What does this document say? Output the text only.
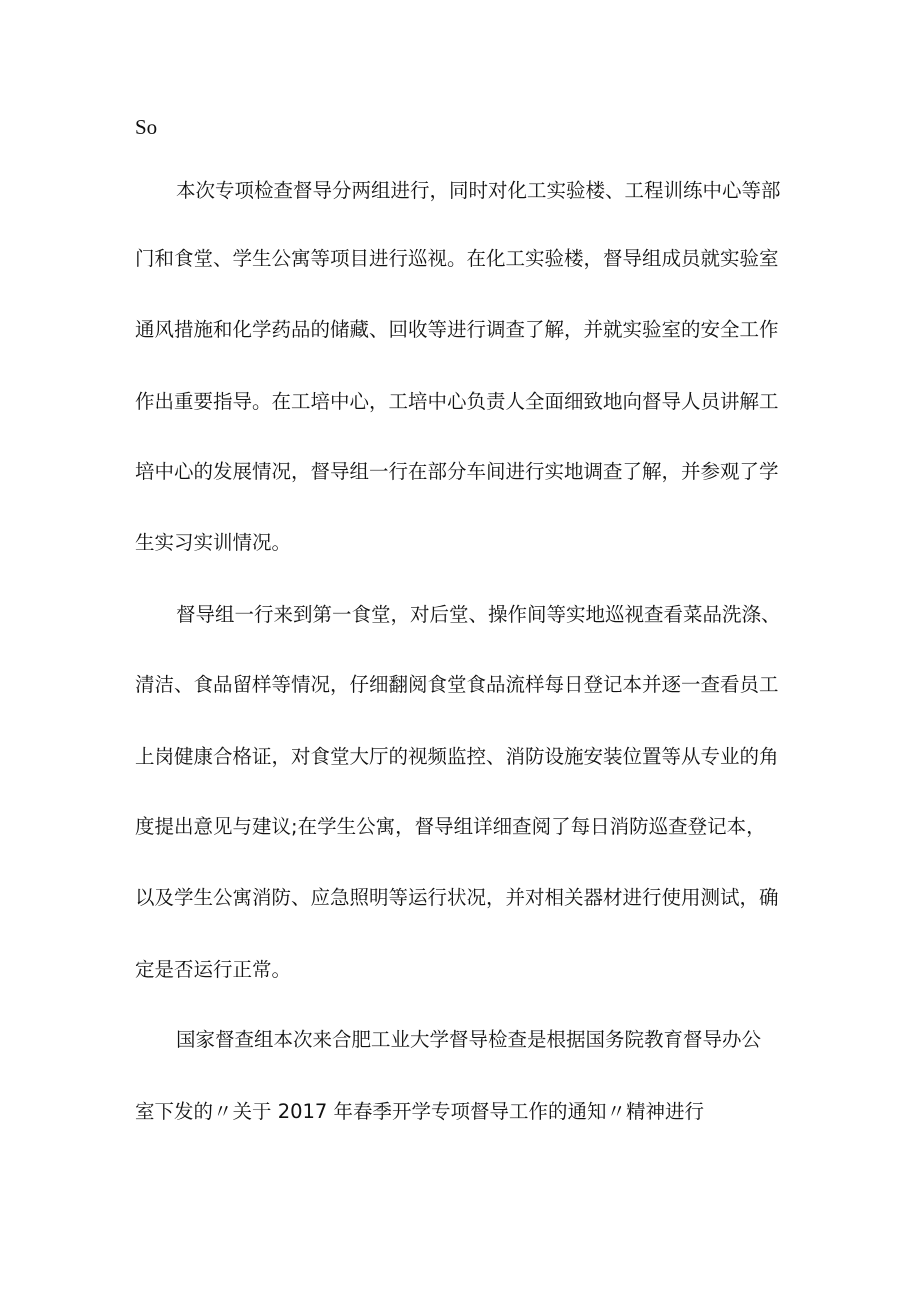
So
本次专项检查督导分两组进行，同时对化工实验楼、工程训练中心等部
门和食堂、学生公寓等项目进行巡视。在化工实验楼，督导组成员就实验室
通风措施和化学药品的储藏、回收等进行调查了解，并就实验室的安全工作
作出重要指导。在工培中心，工培中心负责人全面细致地向督导人员讲解工
培中心的发展情况，督导组一行在部分车间进行实地调查了解，并参观了学
生实习实训情况。
督导组一行来到第一食堂，对后堂、操作间等实地巡视查看菜品洗涤、
清洁、食品留样等情况，仔细翻阅食堂食品流样每日登记本并逐一查看员工
上岗健康合格证，对食堂大厅的视频监控、消防设施安装位置等从专业的角
度提出意见与建议;在学生公寓，督导组详细查阅了每日消防巡查登记本，
以及学生公寓消防、应急照明等运行状况，并对相关器材进行使用测试，确
定是否运行正常。
国家督查组本次来合肥工业大学督导检查是根据国务院教育督导办公
室下发的〃关于 2017 年春季开学专项督导工作的通知〃精神进行
